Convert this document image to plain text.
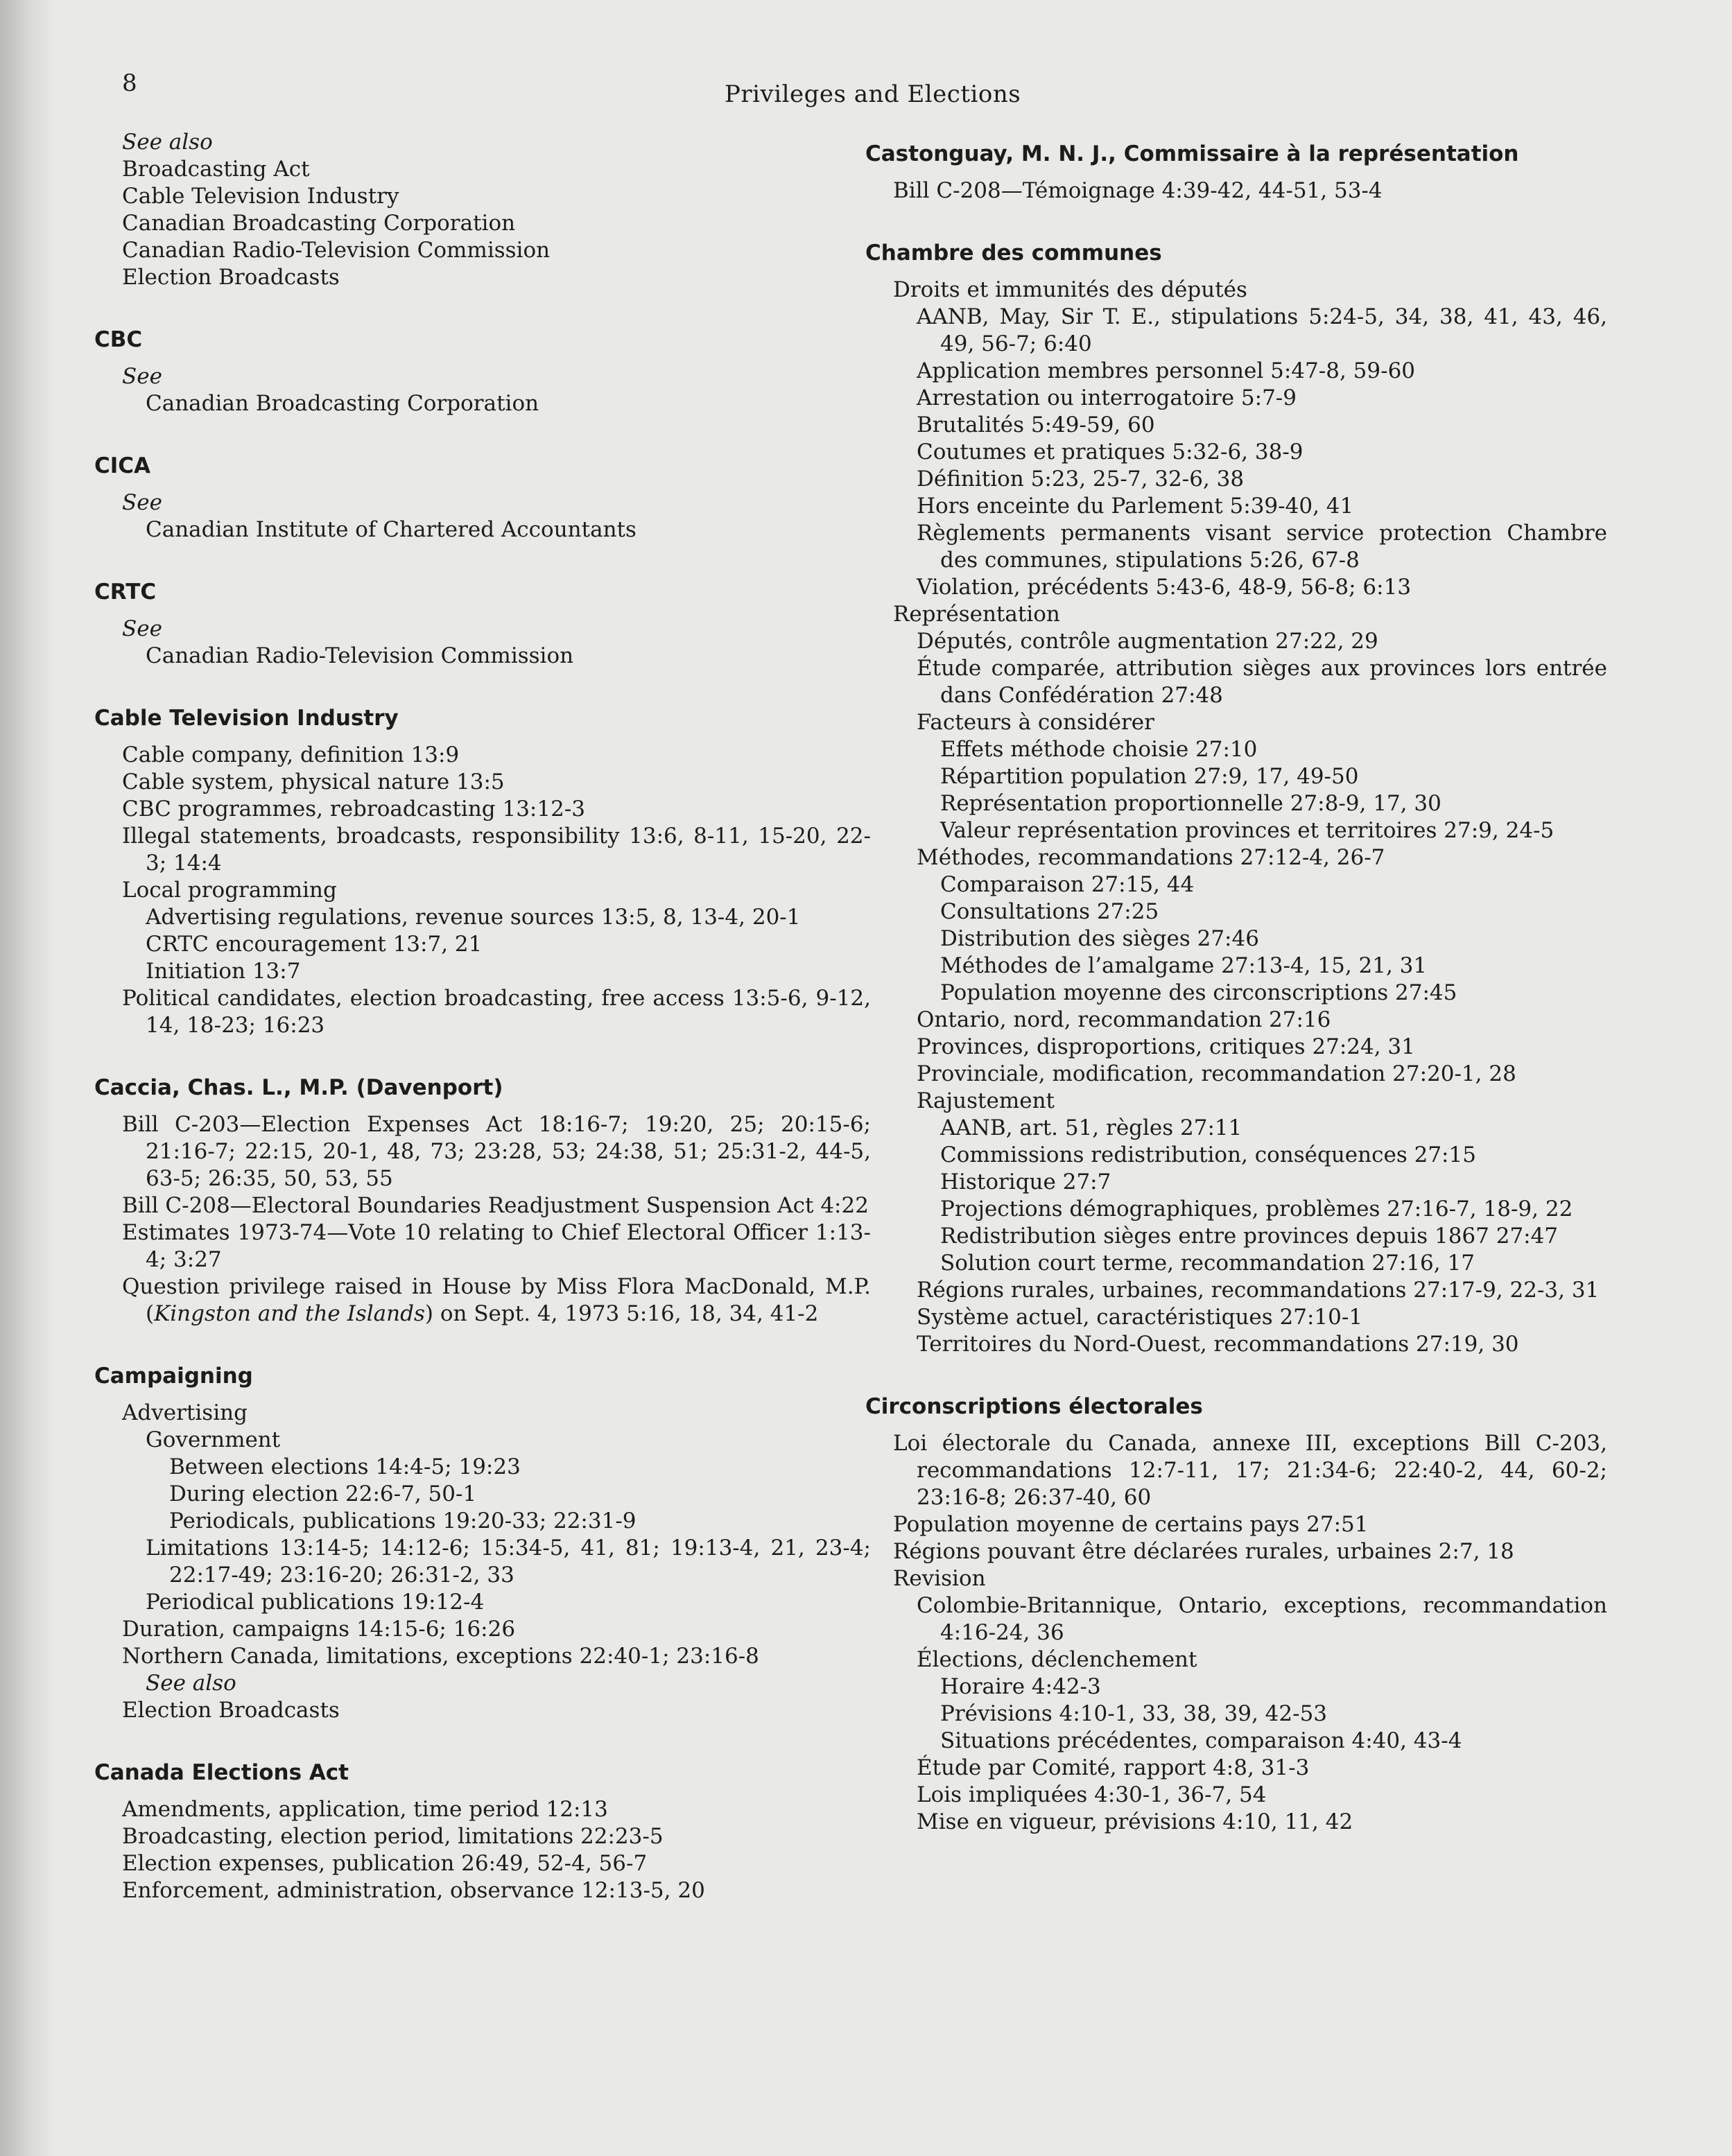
8	Privileges and Elections
See also
Broadcasting Act
Cable Television Industry
Canadian Broadcasting Corporation
Canadian Radio-Television Commission
Election Broadcasts
CBC
See
Canadian Broadcasting Corporation
CICA
See
Canadian Institute of Chartered Accountants
CRTC
See
Canadian Radio-Television Commission
Cable Television Industry
Cable company, definition 13:9
Cable system, physical nature 13:5
CBC programmes, rebroadcasting 13:12-3
Illegal statements, broadcasts, responsibility 13:6, 8-11, 15-20, 22-3; 14:4
Local programming
Advertising regulations, revenue sources 13:5, 8, 13-4, 20-1
CRTC encouragement 13:7, 21
Initiation 13:7
Political candidates, election broadcasting, free access 13:5-6, 9-12, 14, 18-23; 16:23
Caccia, Chas. L., M.P. (Davenport)
Bill C-203—Election Expenses Act 18:16-7; 19:20, 25; 20:15-6; 21:16-7; 22:15, 20-1, 48, 73; 23:28, 53; 24:38, 51; 25:31-2, 44-5, 63-5; 26:35, 50, 53, 55
Bill C-208—Electoral Boundaries Readjustment Suspension Act 4:22
Estimates 1973-74—Vote 10 relating to Chief Electoral Officer 1:13-4; 3:27
Question privilege raised in House by Miss Flora MacDonald, M.P. (Kingston and the Islands) on Sept. 4, 1973 5:16, 18, 34, 41-2
Campaigning
Advertising
Government
Between elections 14:4-5; 19:23
During election 22:6-7, 50-1
Periodicals, publications 19:20-33; 22:31-9
Limitations 13:14-5; 14:12-6; 15:34-5, 41, 81; 19:13-4, 21, 23-4; 22:17-49; 23:16-20; 26:31-2, 33
Periodical publications 19:12-4
Duration, campaigns 14:15-6; 16:26
Northern Canada, limitations, exceptions 22:40-1; 23:16-8
See also
Election Broadcasts
Canada Elections Act
Amendments, application, time period 12:13
Broadcasting, election period, limitations 22:23-5
Election expenses, publication 26:49, 52-4, 56-7
Enforcement, administration, observance 12:13-5, 20
Castonguay, M. N. J., Commissaire à la représentation
Bill C-208—Témoignage 4:39-42, 44-51, 53-4
Chambre des communes
Droits et immunités des députés
AANB, May, Sir T. E., stipulations 5:24-5, 34, 38, 41, 43, 46, 49, 56-7; 6:40
Application membres personnel 5:47-8, 59-60
Arrestation ou interrogatoire 5:7-9
Brutalités 5:49-59, 60
Coutumes et pratiques 5:32-6, 38-9
Définition 5:23, 25-7, 32-6, 38
Hors enceinte du Parlement 5:39-40, 41
Règlements permanents visant service protection Chambre des communes, stipulations 5:26, 67-8
Violation, précédents 5:43-6, 48-9, 56-8; 6:13
Représentation
Députés, contrôle augmentation 27:22, 29
Étude comparée, attribution sièges aux provinces lors entrée dans Confédération 27:48
Facteurs à considérer
Effets méthode choisie 27:10
Répartition population 27:9, 17, 49-50
Représentation proportionnelle 27:8-9, 17, 30
Valeur représentation provinces et territoires 27:9, 24-5
Méthodes, recommandations 27:12-4, 26-7
Comparaison 27:15, 44
Consultations 27:25
Distribution des sièges 27:46
Méthodes de l’amalgame 27:13-4, 15, 21, 31
Population moyenne des circonscriptions 27:45
Ontario, nord, recommandation 27:16
Provinces, disproportions, critiques 27:24, 31
Provinciale, modification, recommandation 27:20-1, 28
Rajustement
AANB, art. 51, règles 27:11
Commissions redistribution, conséquences 27:15
Historique 27:7
Projections démographiques, problèmes 27:16-7, 18-9, 22
Redistribution sièges entre provinces depuis 1867 27:47
Solution court terme, recommandation 27:16, 17
Régions rurales, urbaines, recommandations 27:17-9, 22-3, 31
Système actuel, caractéristiques 27:10-1
Territoires du Nord-Ouest, recommandations 27:19, 30
Circonscriptions électorales
Loi électorale du Canada, annexe III, exceptions Bill C-203, recommandations 12:7-11, 17; 21:34-6; 22:40-2, 44, 60-2; 23:16-8; 26:37-40, 60
Population moyenne de certains pays 27:51
Régions pouvant être déclarées rurales, urbaines 2:7, 18
Revision
Colombie-Britannique, Ontario, exceptions, recommandation 4:16-24, 36
Élections, déclenchement
Horaire 4:42-3
Prévisions 4:10-1, 33, 38, 39, 42-53
Situations précédentes, comparaison 4:40, 43-4
Étude par Comité, rapport 4:8, 31-3
Lois impliquées 4:30-1, 36-7, 54
Mise en vigueur, prévisions 4:10, 11, 42
